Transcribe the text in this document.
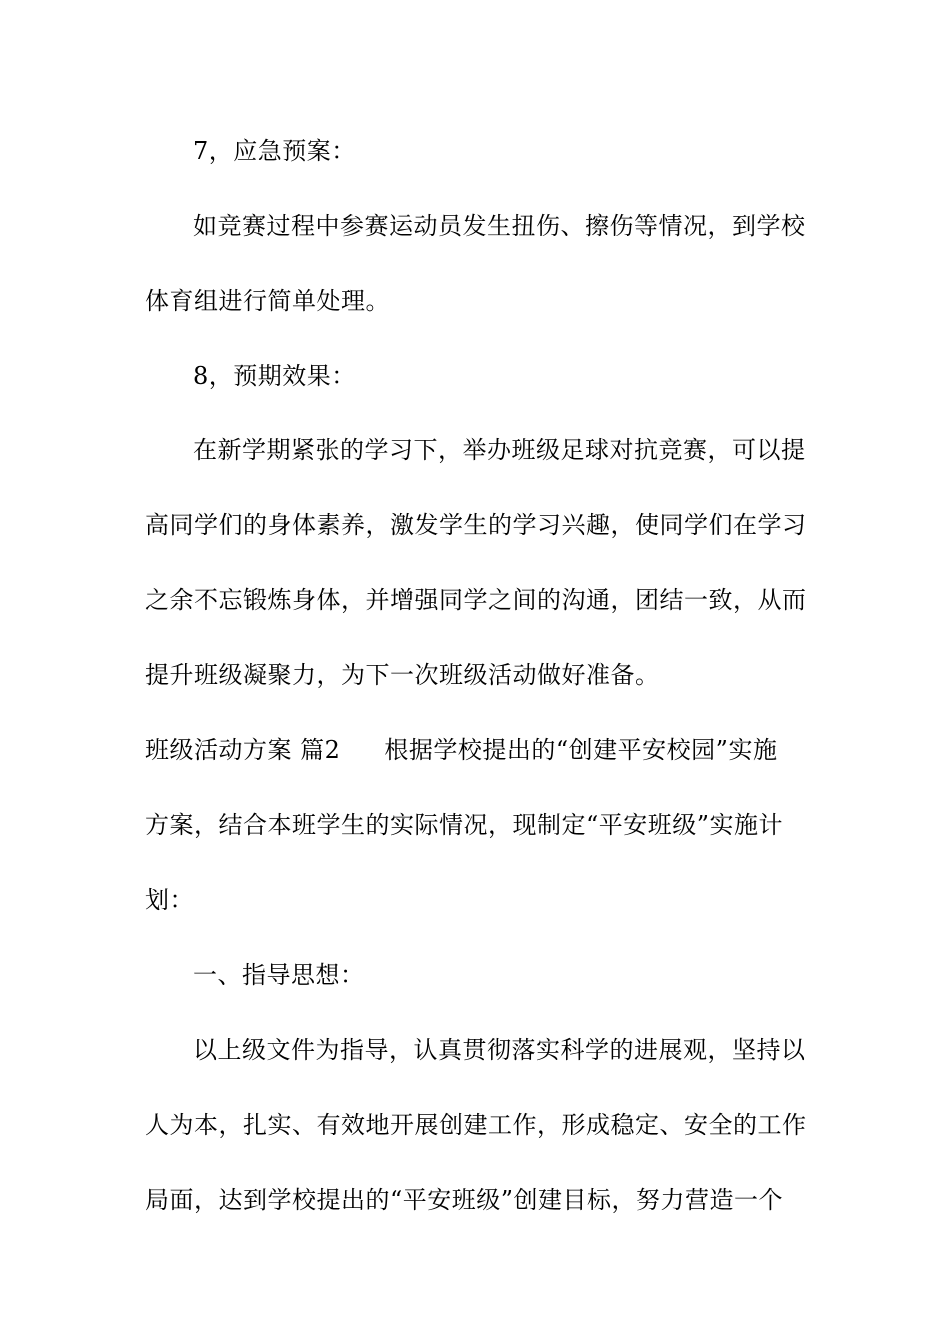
7，应急预案：
如竞赛过程中参赛运动员发生扭伤、擦伤等情况，到学校
体育组进行简单处理。
8，预期效果：
在新学期紧张的学习下，举办班级足球对抗竞赛，可以提
高同学们的身体素养，激发学生的学习兴趣，使同学们在学习
之余不忘锻炼身体，并增强同学之间的沟通，团结一致，从而
提升班级凝聚力，为下一次班级活动做好准备。
班级活动方案 篇2 根据学校提出的“创建平安校园”实施
方案，结合本班学生的实际情况，现制定“平安班级”实施计
划：
一、指导思想：
以上级文件为指导，认真贯彻落实科学的进展观，坚持以
人为本，扎实、有效地开展创建工作，形成稳定、安全的工作
局面，达到学校提出的“平安班级”创建目标，努力营造一个
